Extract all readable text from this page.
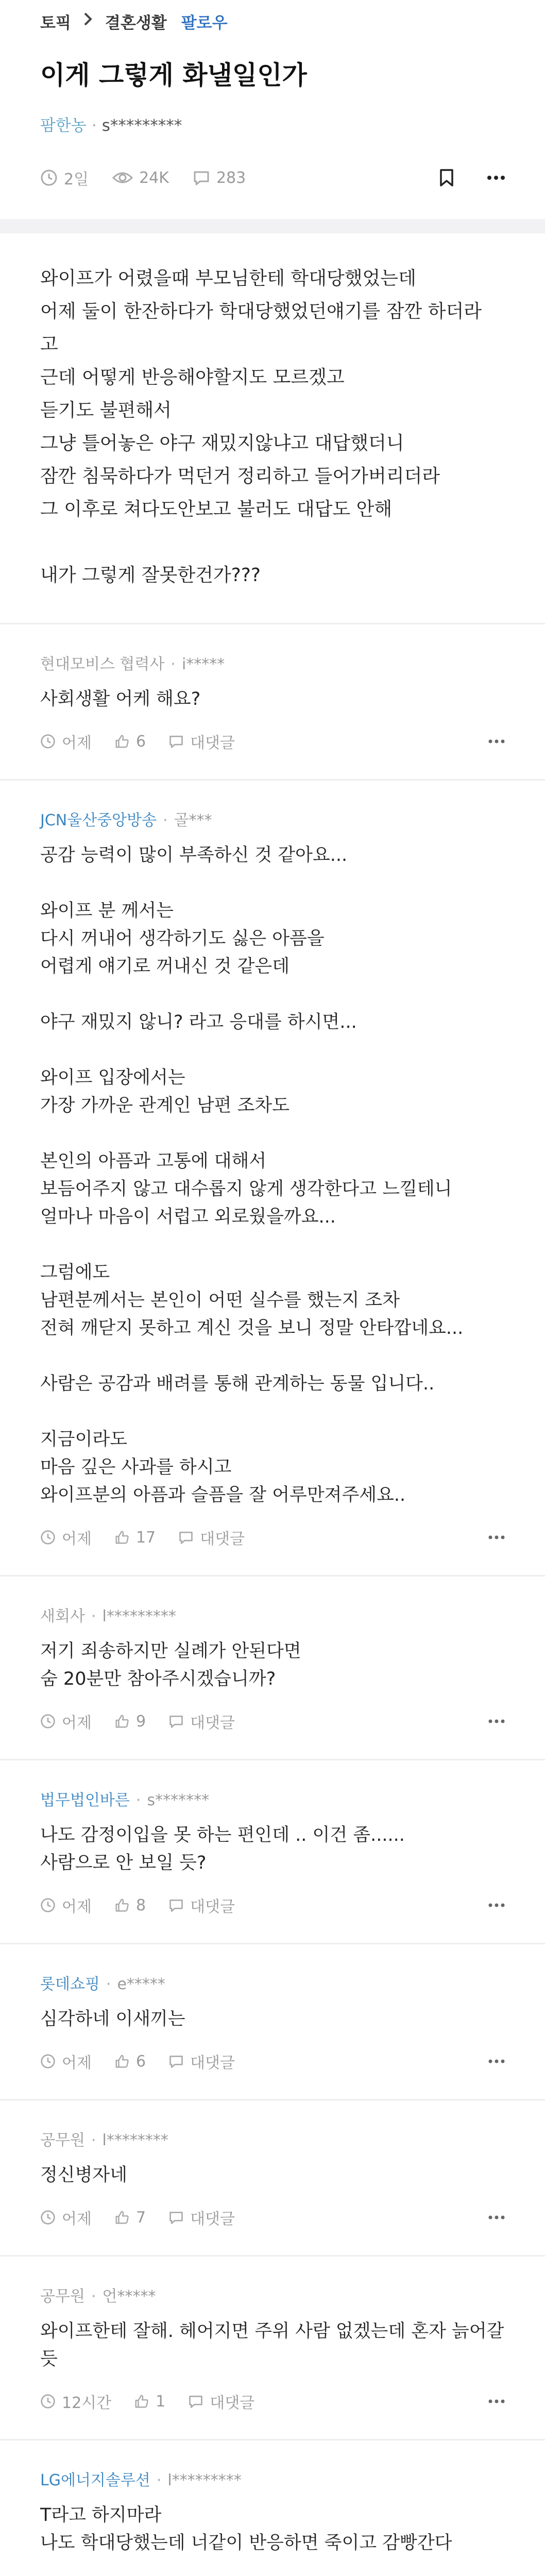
토픽 결혼생활 팔로우
이게 그렇게 화낼일인가
팜한농 · s*********
2일	24K	283

와이프가 어렸을때 부모님한테 학대당했었는데

어제 둘이 한잔하다가 학대당했었던얘기를 잠깐 하더라

고

근데 어떻게 반응해야할지도 모르겠고

듣기도 불편해서

그냥 틀어놓은 야구 재밌지않냐고 대답했더니

잠깐 침묵하다가 먹던거 정리하고 들어가버리더라

그 이후로 쳐다도안보고 불러도 대답도 안해

내가 그렇게 잘못한건가???

현대모비스 협력사 · i*****
사회생활 어케 해요?
어제	6	대댓글
JCN울산중앙방송 · 골***
공감 능력이 많이 부족하신 것 같아요...

와이프 분 께서는
다시 꺼내어 생각하기도 싫은 아픔을
어렵게 얘기로 꺼내신 것 같은데

야구 재밌지 않니? 라고 응대를 하시면...

와이프 입장에서는
가장 가까운 관계인 남편 조차도

본인의 아픔과 고통에 대해서
보듬어주지 않고 대수롭지 않게 생각한다고 느낄테니
얼마나 마음이 서럽고 외로웠을까요...

그럼에도
남편분께서는 본인이 어떤 실수를 했는지 조차
전혀 깨닫지 못하고 계신 것을 보니 정말 안타깝네요...

사람은 공감과 배려를 통해 관계하는 동물 입니다..

지금이라도
마음 깊은 사과를 하시고
와이프분의 아픔과 슬픔을 잘 어루만져주세요..
어제	17	대댓글
새회사 · l*********
저기 죄송하지만 실례가 안된다면
숨 20분만 참아주시겠습니까?
어제	9	대댓글
법무법인바른 · s*******
나도 감정이입을 못 하는 편인데 .. 이건 좀......
사람으로 안 보일 듯?
어제	8	대댓글
롯데쇼핑 · e*****
심각하네 이새끼는
어제	6	대댓글
공무원 · l********
정신병자네
어제	7	대댓글
공무원 · 언*****
와이프한테 잘해. 헤어지면 주위 사람 없겠는데 혼자 늙어갈
듯
12시간	1	대댓글
LG에너지솔루션 · l*********
T라고 하지마라
나도 학대당했는데 너같이 반응하면 죽이고 감빵간다
